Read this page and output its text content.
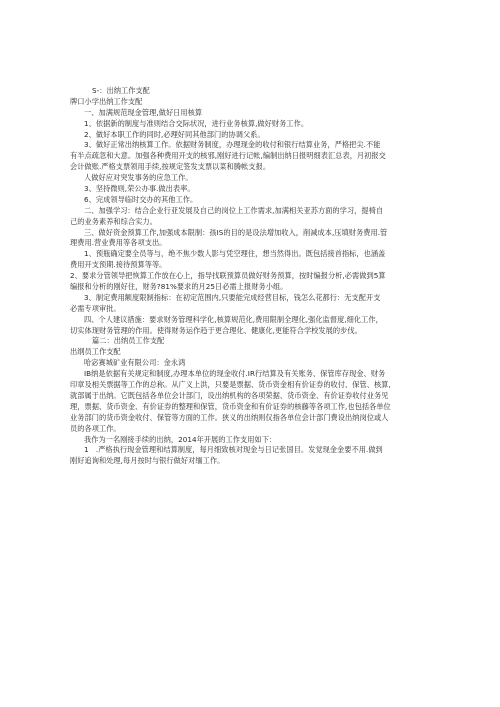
S-：出纳工作支配
牌口小学出纳工作支配
一、加满规范现金管理,做好日用核算
1、依据新的制度与准则结合交际状况，进行业务核算,做好财务工作。
2、做好本职工作的同时,必理好同其他部门的协调父系。
3、做好正常出纳核算工作。依据财务制度，办理现金的收付和银行结算业务，严格把尖.不能
有半点疏忽和大意。加强各种费用开支的核邪,刚好进行记帐,编制出纳日报明细表汇总表，月初报交
会计做账.严格支票领用手续,按规定签发支票以菜和腾帐支报。
人做好应对突发事务的应急工作。
3、坚持微则,荣公办事.做出表率。
6、完成领导临时交办的其他工作。
二、加强学习：结合企业行亚发展及自己的岗位上工作需求,加满相关亚苏方面的学习，提椅自
己的业务素养和综合实力。
三、做好资金预算工作,加强成本限制：孩IS的目的是设法增加收入，削减成本,压填财务费用.管
理费用.营业费用等各项支出。
1、预瓶确定要全员等与，绝不焦少数人影与凭空理住，想当然得出。既包括接首指标，也涵盖
费用开支预期.接待预算等等。
2、要求分管领导把恢算工作放在心上，指导找联预算员做好财务预算，按时编报分析,必需做到5算
编报和分析的刚好住，财务?81%要求的月25日必需上报财务小组。
3、制定费用额度限制指标：在初定范围内,只要能完成经营目标，钱怎么花都行：无支配开支
必需专项审批。
四、个人建议措施：要求财务管理科学化,核算规范化,费用限制全理化,强化监督度,细化工作，
切实体现财务管理的作用。使得财务运作趋于更合理化、健康化,更能符合学校发展的步伐。
篇二：出纳员工作支配
出纲员工作支配
哈宓赛城矿业有限公司：金永鸿
IB纳是依据有关规定和制度,办理本单位的现金收付.IR行结算及有关账务、保管库存现金、财务
印章及相关票据等工作的总称。从广义上洪，只要是票据、货币资金相有价证券的收付、保管、核算,
就部属于出纳。它既包括各单位会计部门，设出纳机构的各项荣据、货币资金、有价证券收付业务见
理，票据、货币资金、有价证券的整理和保管，货币资金和有价证券的核藤等各项工作,也包括各单位
业务部门的货币资金收付、保管等方面的工作。狭义的出纳则仅指各单位会计部门费设出纳岗位或人
员的各项工作。
我作为一名刚接手续的出纳，2014年开展的工作支用如下：
1　.严格执行现金管理和结算制度，每月细致核对现金与日记张国目。发觉现金金要不用.做到
刚好追询和处理,每月按时与银行做好对缅工作。
